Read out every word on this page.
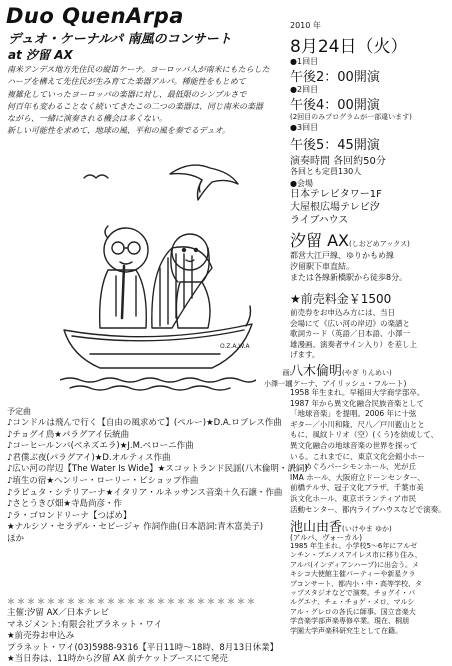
Duo QuenArpa
デュオ・ケーナルパ 南風のコンサート
at 汐留 AX
南米アンデス地方先住民の縦笛ケーナ。ヨーロッパ人が南米にもたらした
ハープを構えて先住民が生み育てた楽器アルパ。種能性をもとめて
複雑化していったヨーロッパの楽器に対し、最低限のシンプルさで
何百年も変わることなく続いてきたこの二つの楽器は、同じ南米の楽器
ながら、一緒に演奏される機会は多くない。
新しい可能性を求めて、地球の風、平和の風を奏でるデュオ。
O.Z.A.W.A
画:
小澤一雄
予定曲
♪コンドルは飛んで行く【自由の風求めて】(ペルー)★D.A.ロブレス作曲
♪チョグイ鳥★パラグアイ伝統曲
♪コーヒールンバ(ベネズエラ)★J.M.ペローニ作曲
♪君僕ぶ夜(パラグアイ)★D.オルティス作曲
♪広い河の岸辺【The Water Is Wide】★スコットランド民謡(八木倫明・訳詞)
♪埴生の宿★ヘンリー・ローリー・ビショップ作曲
♪ラピュタ・シテリアーナ★イタリア・ルネッサンス音楽＋久石譲・作曲
♪さとうきび畑★寺島尚彦・作
♪ラ・ゴロンドリーナ【つばめ】
★ナルシソ・セラデル・セビージャ 作詞作曲(日本語詞:青木富美子)
ほか
＊＊＊＊＊＊＊＊＊＊＊＊＊＊＊＊＊＊＊＊＊＊＊＊＊
主催:汐留 AX／日本テレビ
マネジメント:有限会社プラネット・ワイ
★前売券お申込み
プラネット・ワイ(03)5988-9316【平日11時〜18時、8月13日休業】
★当日券は、11時から汐留 AX 前チケットブースにて発売
2010 年
8月24日（火）
●1回目
午後2：00開演
●2回目
午後4：00開演
(2回目のみプログラムが一部違います)
●3回目
午後5：45開演
演奏時間 各回約50分
各回とも定員130人
●会場
日本テレビタワー1F
大屋根広場テレビ汐
ライブハウス
汐留 AX(しおどめアックス)
都営大江戸線、ゆりかもめ線
汐留駅下車直結。
または各線新橋駅から徒歩8分。
★前売料金￥1500
前売券をお申込み方には、当日
会場にて《広い河の岸辺》の楽譜と
歌詞カード（英語／日本語、小澤一
雄漫画、演奏者サイン入り）を差し上
げます。
八木倫明(やぎ りんめい)
(ケーナ、アイリッシュ・フルート)
1958 年生まれ。早稲田大学商学部卒。
1987 年から異文化融合民族音楽として
「地球音楽」を提唱。2006 年に十弦
ギター／小川和隆、尺八／戸川藍山とと
もに、風紋トリオ（空）(くう)を結成して、
異文化融合の地球音楽の世界を探って
いる。これまでに、東京文化会館小ホー
ル、めぐろパーシモンホール、光が丘
IMA ホール、大阪府立ドーンセンター、
前橋テルサ、冠子文化プラザ、千葉市美
浜文化ホール、東京ボランティア市民
活動センター、都内ライブハウスなどで演奏。
池山由香(いけやま ゆか)
(アルパ、ヴォーカル)
1985 年生まれ。小学校5〜6年にアルゼ
ンチン・ブエノスアイレス市に移り住み、
アルパ(インディアンハープ)に出会う。メ
キシコ大使館主催パーティーや新星クラ
ブコンサート、都内小・中・高等学校、タ
ップスタジオなどで演奏。チョグイ・パ
ルグエナ、チェ・チョゲ・メロ、マルシ
アル・グレロの各氏に師事。国立音楽大
学音楽学部声楽専修卒業。現在、桐朋
学園大学声楽科研究生として在籍。
